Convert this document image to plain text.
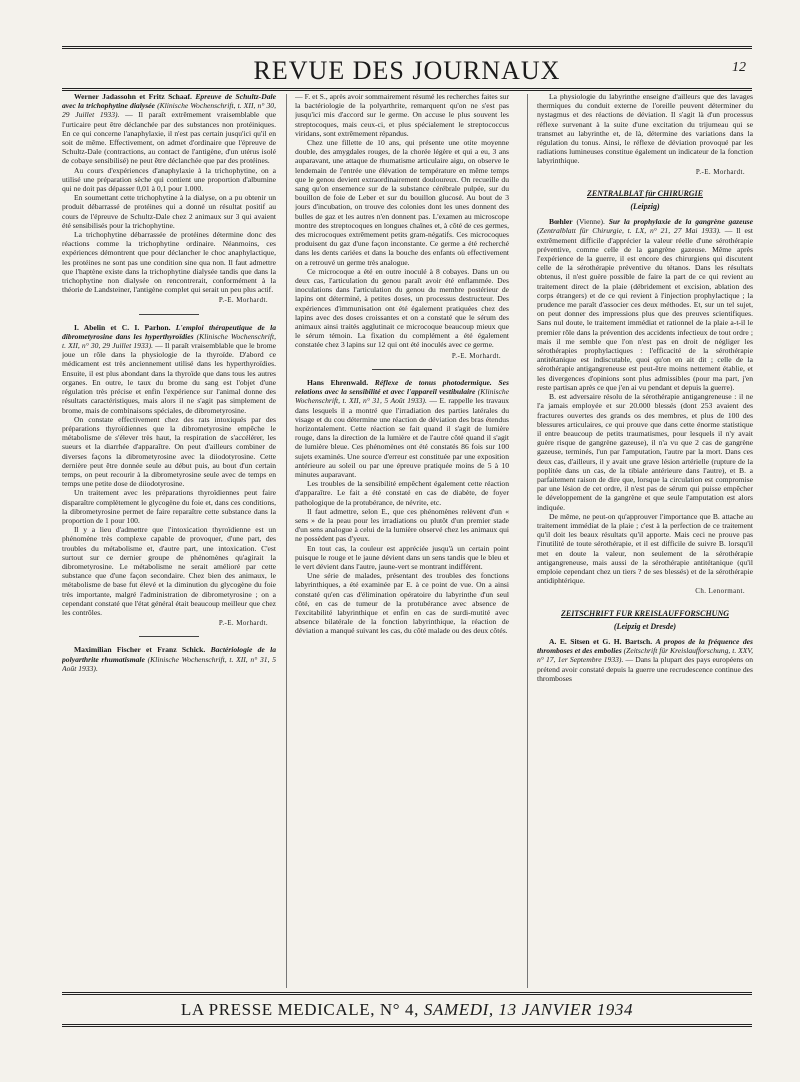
REVUE DES JOURNAUX	12

Werner Jadassohn et Fritz Schaaf. Epreuve de Schultz-Dale avec la trichophytine dialysée (Klinische Wochenschrift, t. XII, n° 30, 29 Juillet 1933). — Il paraît extrêmement vraisemblable que l'urticaire peut être déclanchée par des substances non protéiniques. En ce qui concerne l'anaphylaxie, il n'est pas certain jusqu'ici qu'il en soit de même. Effectivement, on admet d'ordinaire que l'épreuve de Schultz-Dale (contractions, au contact de l'antigène, d'un utérus isolé de cobaye sensibilisé) ne peut être déclanchée que par des protéines.

Au cours d'expériences d'anaphylaxie à la trichophytine, on a utilisé une préparation sèche qui contient une proportion d'albumine qui ne doit pas dépasser 0,01 à 0,1 pour 1.000.

En soumettant cette trichophytine à la dialyse, on a pu obtenir un produit débarrassé de protéines qui a donné un résultat positif au cours de l'épreuve de Schultz-Dale chez 2 animaux sur 3 qui avaient été sensibilisés pour la trichophytine.

La trichophytine débarrassée de protéines détermine donc des réactions comme la trichophytine ordinaire. Néanmoins, ces expériences démontrent que pour déclancher le choc anaphylactique, les protéines ne sont pas une condition sine qua non. Il faut admettre que l'haptène existe dans la trichophytine dialysée tandis que dans la trichophytine non dialysée on rencontrerait, conformément à la théorie de Landsteiner, l'antigène complet qui serait un peu plus actif.

P.-E. Morhardt.

I. Abelin et C. I. Parhon. L'emploi thérapeutique de la dibrometyrosine dans les hyperthyroïdies (Klinische Wochenschrift, t. XII, n° 30, 29 Juillet 1933). — Il paraît vraisemblable que le brome joue un rôle dans la physiologie de la thyroïde. D'abord ce médicament est très anciennement utilisé dans les hyperthyroïdies. Ensuite, il est plus abondant dans la thyroïde que dans tous les autres organes. En outre, le taux du brome du sang est l'objet d'une régulation très précise et enfin l'expérience sur l'animal donne des résultats caractéristiques, mais alors il ne s'agit pas simplement de brome, mais de combinaisons spéciales, de dibrometyrosine.

On constate effectivement chez des rats intoxiqués par des préparations thyroïdiennes que la dibrometyrosine empêche le métabolisme de s'élever très haut, la respiration de s'accélérer, les sueurs et la diarrhée d'apparaître. On peut d'ailleurs combiner de diverses façons la dibrometyrosine avec la diiodotyrosine. Cette dernière peut être donnée seule au début puis, au bout d'un certain temps, on peut recourir à la dibrometyrosine seule avec de temps en temps une petite dose de diiodotyrosine.

Un traitement avec les préparations thyroïdiennes peut faire disparaître complètement le glycogène du foie et, dans ces conditions, la dibrometyrosine permet de faire reparaître cette substance dans la proportion de 1 pour 100.

Il y a lieu d'admettre que l'intoxication thyroïdienne est un phénomène très complexe capable de provoquer, d'une part, des troubles du métabolisme et, d'autre part, une intoxication. C'est surtout sur ce dernier groupe de phénomènes qu'agirait la dibrometyrosine. Le métabolisme ne serait amélioré par cette substance que d'une façon secondaire. Chez bien des animaux, le métabolisme de base fut élevé et la diminution du glycogène du foie très importante, malgré l'administration de dibrometyrosine ; on a cependant constaté que l'état général était beaucoup meilleur que chez les contrôles.

P.-E. Morhardt.

Maximilian Fischer et Franz Schick. Bactériologie de la polyarthrite rhumatismale (Klinische Wochenschrift, t. XII, n° 31, 5 Août 1933).

— F. et S., après avoir sommairement résumé les recherches faites sur la bactériologie de la polyarthrite, remarquent qu'on ne s'est pas jusqu'ici mis d'accord sur le germe. On accuse le plus souvent les streptocoques, mais ceux-ci, et plus spécialement le streptococcus viridans, sont extrêmement répandus.

Chez une fillette de 10 ans, qui présente une otite moyenne double, des amygdales rouges, de la chorée légère et qui a eu, 3 ans auparavant, une attaque de rhumatisme articulaire aigu, on observe le lendemain de l'entrée une élévation de température en même temps que le genou devient extraordinairement douloureux. On recueille du sang qu'on ensemence sur de la substance cérébrale pulpée, sur du bouillon de foie de Leber et sur du bouillon glucosé. Au bout de 3 jours d'incubation, on trouve des colonies dont les unes donnent des bulles de gaz et les autres n'en donnent pas. L'examen au microscope montre des streptocoques en longues chaînes et, à côté de ces germes, des microcoques extrêmement petits gram-négatifs. Ces microcoques produisent du gaz d'une façon inconstante. Ce germe a été recherché dans les dents cariées et dans la bouche des enfants où effectivement on a retrouvé un germe très analogue.

Ce microcoque a été en outre inoculé à 8 cobayes. Dans un ou deux cas, l'articulation du genou paraît avoir été enflammée. Des inoculations dans l'articulation du genou du membre postérieur de lapins ont déterminé, à petites doses, un processus destructeur. Des expériences d'immunisation ont été également pratiquées chez des lapins avec des doses croissantes et on a constaté que le sérum des animaux ainsi traités agglutinait ce microcoque beaucoup mieux que le sérum témoin. La fixation du complément a été également constatée chez 3 lapins sur 12 qui ont été inoculés avec ce germe.

P.-E. Morhardt.

Hans Ehrenwald. Réflexe de tonus photodermique. Ses relations avec la sensibilité et avec l'appareil vestibulaire (Klinische Wochenschrift, t. XII, n° 31, 5 Août 1933). — E. rappelle les travaux dans lesquels il a montré que l'irradiation des parties latérales du visage et du cou détermine une réaction de déviation des bras étendus horizontalement. Cette réaction se fait quand il s'agit de lumière rouge, dans la direction de la lumière et de l'autre côté quand il s'agit de lumière bleue. Ces phénomènes ont été constatés 86 fois sur 100 sujets examinés. Une source d'erreur est constituée par une exposition antérieure au soleil ou par une épreuve pratiquée moins de 5 à 10 minutes auparavant.

Les troubles de la sensibilité empêchent également cette réaction d'apparaître. Le fait a été constaté en cas de diabète, de foyer pathologique de la protubérance, de névrite, etc.

Il faut admettre, selon E., que ces phénomènes relèvent d'un « sens » de la peau pour les irradiations ou plutôt d'un premier stade d'un sens analogue à celui de la lumière observé chez les animaux qui ne possèdent pas d'yeux.

En tout cas, la couleur est appréciée jusqu'à un certain point puisque le rouge et le jaune dévient dans un sens tandis que le bleu et le vert dévient dans l'autre, jaune-vert se montrant indifférent.

Une série de malades, présentant des troubles des fonctions labyrinthiques, a été examinée par E. à ce point de vue. On a ainsi constaté qu'en cas d'élimination opératoire du labyrinthe d'un seul côté, en cas de tumeur de la protubérance avec absence de l'excitabilité labyrinthique et enfin en cas de surdi-mutité avec absence bilatérale de la fonction labyrinthique, la réaction de déviation a manqué suivant les cas, du côté malade ou des deux côtés.

La physiologie du labyrinthe enseigne d'ailleurs que des lavages thermiques du conduit externe de l'oreille peuvent déterminer du nystagmus et des réactions de déviation. Il s'agit là d'un processus réflexe survenant à la suite d'une excitation du trijumeau qui se transmet au labyrinthe et, de là, détermine des variations dans la régulation du tonus. Ainsi, le réflexe de déviation provoqué par les radiations lumineuses constitue également un indicateur de la fonction labyrinthique.

P.-E. Morhardt.
ZENTRALBLAT für CHIRURGIE
(Leipzig)

Bœhler (Vienne). Sur la prophylaxie de la gangrène gazeuse (Zentralblatt für Chirurgie, t. LX, n° 21, 27 Mai 1933). — Il est extrêmement difficile d'apprécier la valeur réelle d'une sérothérapie préventive, comme celle de la gangrène gazeuse. Même après l'expérience de la guerre, il est encore des chirurgiens qui discutent celle de la sérothérapie préventive du tétanos. Dans les résultats obtenus, il n'est guère possible de faire la part de ce qui revient au traitement direct de la plaie (débridement et excision, ablation des corps étrangers) et de ce qui revient à l'injection prophylactique ; la prudence me paraît d'associer ces deux méthodes. Et, sur un tel sujet, on peut donner des impressions plus que des preuves scientifiques. Sans nul doute, le traitement immédiat et rationnel de la plaie a-t-il le premier rôle dans la prévention des accidents infectieux de tout ordre ; mais il me semble que l'on n'est pas en droit de négliger les sérothérapies prophylactiques : l'efficacité de la sérothérapie antitétanique est indiscutable, quoi qu'on en ait dit ; celle de la sérothérapie antigangreneuse est peut-être moins nettement établie, et les divergences d'opinions sont plus admissibles (pour ma part, j'en reste partisan après ce que j'en ai vu pendant et depuis la guerre).

B. est adversaire résolu de la sérothérapie antigangreneuse : il ne l'a jamais employée et sur 20.000 blessés (dont 253 avaient des fractures ouvertes des grands os des membres, et plus de 100 des blessures articulaires, ce qui prouve que dans cette énorme statistique il entre beaucoup de petits traumatismes, pour lesquels il n'y avait guère risque de gangrène gazeuse), il n'a vu que 2 cas de gangrène gazeuse, terminés, l'un par l'amputation, l'autre par la mort. Dans ces deux cas, d'ailleurs, il y avait une grave lésion artérielle (rupture de la poplitée dans un cas, de la tibiale antérieure dans l'autre), et B. a parfaitement raison de dire que, lorsque la circulation est compromise par une lésion de cet ordre, il n'est pas de sérum qui puisse empêcher le développement de la gangrène et que seule l'amputation est alors indiquée.

De même, ne peut-on qu'approuver l'importance que B. attache au traitement immédiat de la plaie ; c'est à la perfection de ce traitement qu'il doit les beaux résultats qu'il apporte. Mais ceci ne prouve pas l'inutilité de toute sérothérapie, et il est difficile de suivre B. lorsqu'il met en doute la valeur, non seulement de la sérothérapie antigangreneuse, mais aussi de la sérothérapie antitétanique (qu'il emploie cependant chez un tiers ? de ses blessés) et de la sérothérapie antidiphtérique.

Ch. Lenormant.
ZEITSCHRIFT FUR KREISLAUFFORSCHUNG
(Leipzig et Dresde)

A. E. Sitsen et G. H. Bartsch. A propos de la fréquence des thromboses et des embolies (Zeitschrift für Kreislaufforschung, t. XXV, n° 17, 1er Septembre 1933). — Dans la plupart des pays européens on prétend avoir constaté depuis la guerre une recrudescence continue des thromboses

LA PRESSE MEDICALE, N° 4, SAMEDI, 13 JANVIER 1934
